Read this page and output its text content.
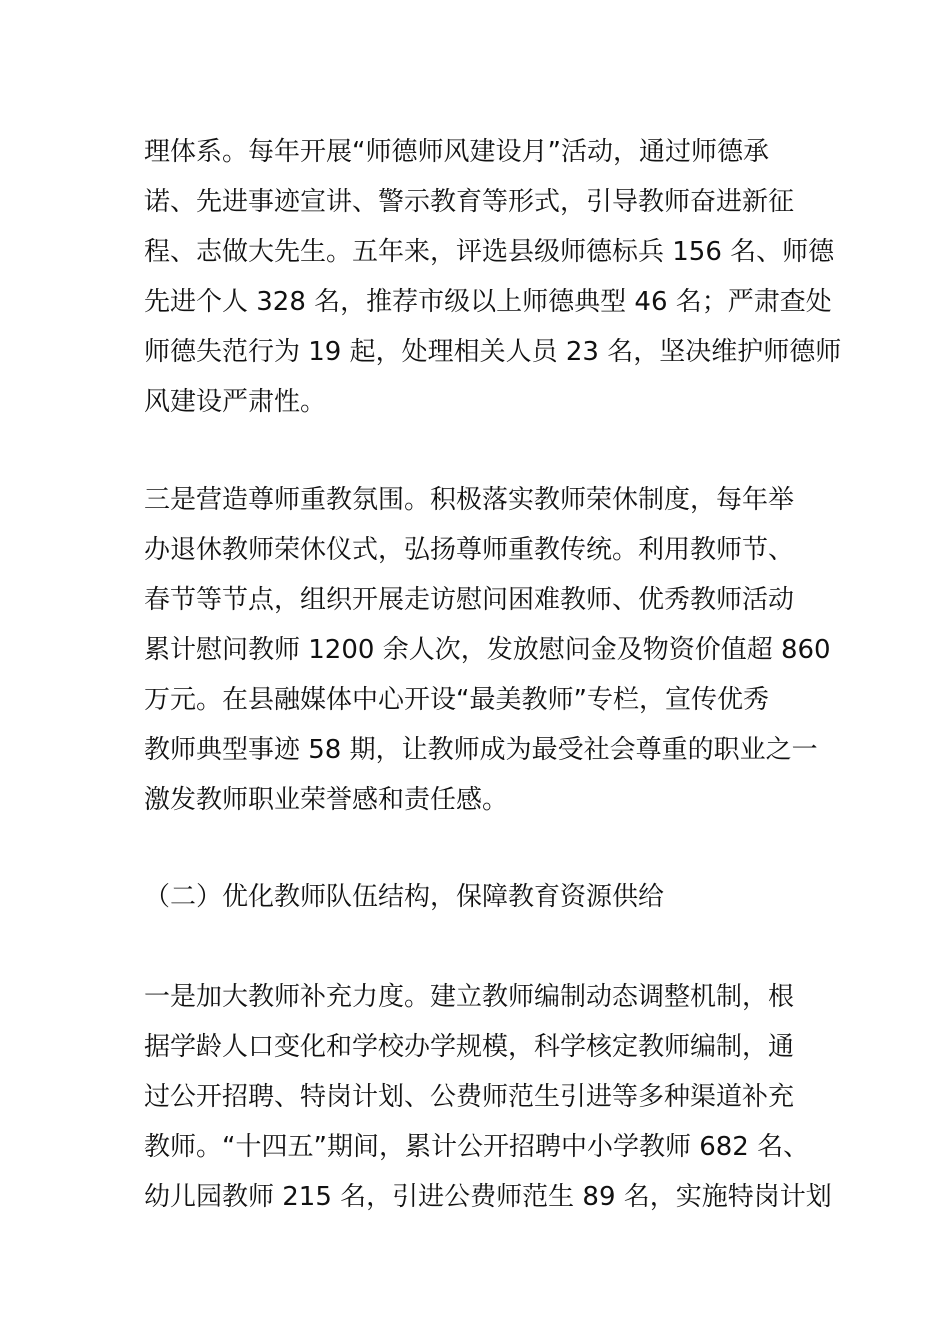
理体系。每年开展“师德师风建设月”活动，通过师德承
诺、先进事迹宣讲、警示教育等形式，引导教师奋进新征
程、志做大先生。五年来，评选县级师德标兵 156 名、师德
先进个人 328 名，推荐市级以上师德典型 46 名；严肃查处
师德失范行为 19 起，处理相关人员 23 名，坚决维护师德师
风建设严肃性。
三是营造尊师重教氛围。积极落实教师荣休制度，每年举
办退休教师荣休仪式，弘扬尊师重教传统。利用教师节、
春节等节点，组织开展走访慰问困难教师、优秀教师活动
累计慰问教师 1200 余人次，发放慰问金及物资价值超 860
万元。在县融媒体中心开设“最美教师”专栏，宣传优秀
教师典型事迹 58 期，让教师成为最受社会尊重的职业之一
激发教师职业荣誉感和责任感。
（二）优化教师队伍结构，保障教育资源供给
一是加大教师补充力度。建立教师编制动态调整机制，根
据学龄人口变化和学校办学规模，科学核定教师编制，通
过公开招聘、特岗计划、公费师范生引进等多种渠道补充
教师。“十四五”期间，累计公开招聘中小学教师 682 名、
幼儿园教师 215 名，引进公费师范生 89 名，实施特岗计划
